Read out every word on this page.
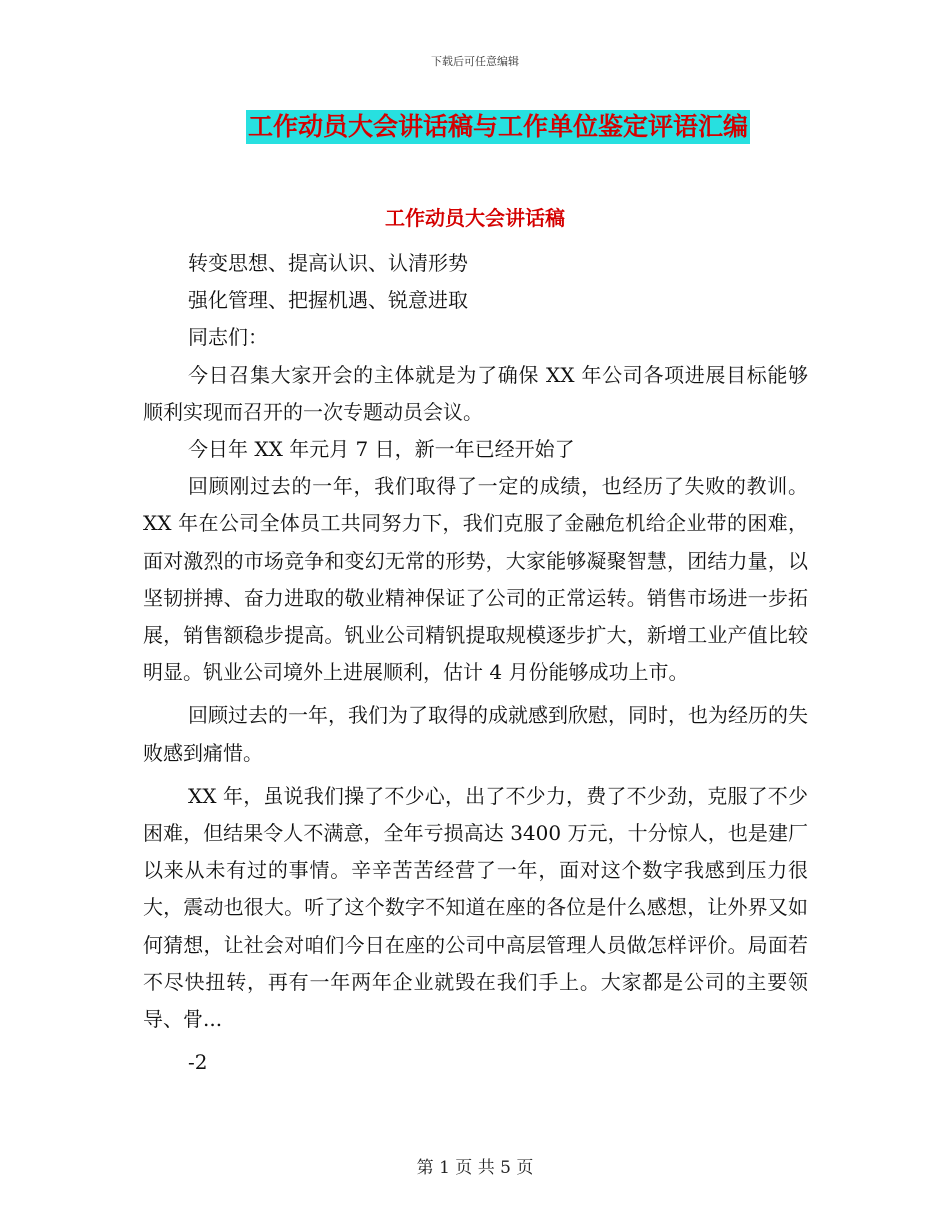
下载后可任意编辑
工作动员大会讲话稿与工作单位鉴定评语汇编
工作动员大会讲话稿

转变思想、提高认识、认清形势

强化管理、把握机遇、锐意进取

同志们：

今日召集大家开会的主体就是为了确保 XX 年公司各项进展目标能够顺利实现而召开的一次专题动员会议。

今日年 XX 年元月 7 日，新一年已经开始了

回顾刚过去的一年，我们取得了一定的成绩，也经历了失败的教训。 XX 年在公司全体员工共同努力下，我们克服了金融危机给企业带的困难，面对激烈的市场竞争和变幻无常的形势，大家能够凝聚智慧，团结力量，以坚韧拼搏、奋力进取的敬业精神保证了公司的正常运转。销售市场进一步拓展，销售额稳步提高。钒业公司精钒提取规模逐步扩大，新增工业产值比较明显。钒业公司境外上进展顺利，估计 4 月份能够成功上市。

回顾过去的一年，我们为了取得的成就感到欣慰，同时，也为经历的失败感到痛惜。

XX 年，虽说我们操了不少心，出了不少力，费了不少劲，克服了不少困难，但结果令人不满意，全年亏损高达 3400 万元，十分惊人，也是建厂以来从未有过的事情。辛辛苦苦经营了一年，面对这个数字我感到压力很大，震动也很大。听了这个数字不知道在座的各位是什么感想，让外界又如何猜想，让社会对咱们今日在座的公司中高层管理人员做怎样评价。局面若不尽快扭转，再有一年两年企业就毁在我们手上。大家都是公司的主要领导、骨...

-2

第 1 页 共 5 页
